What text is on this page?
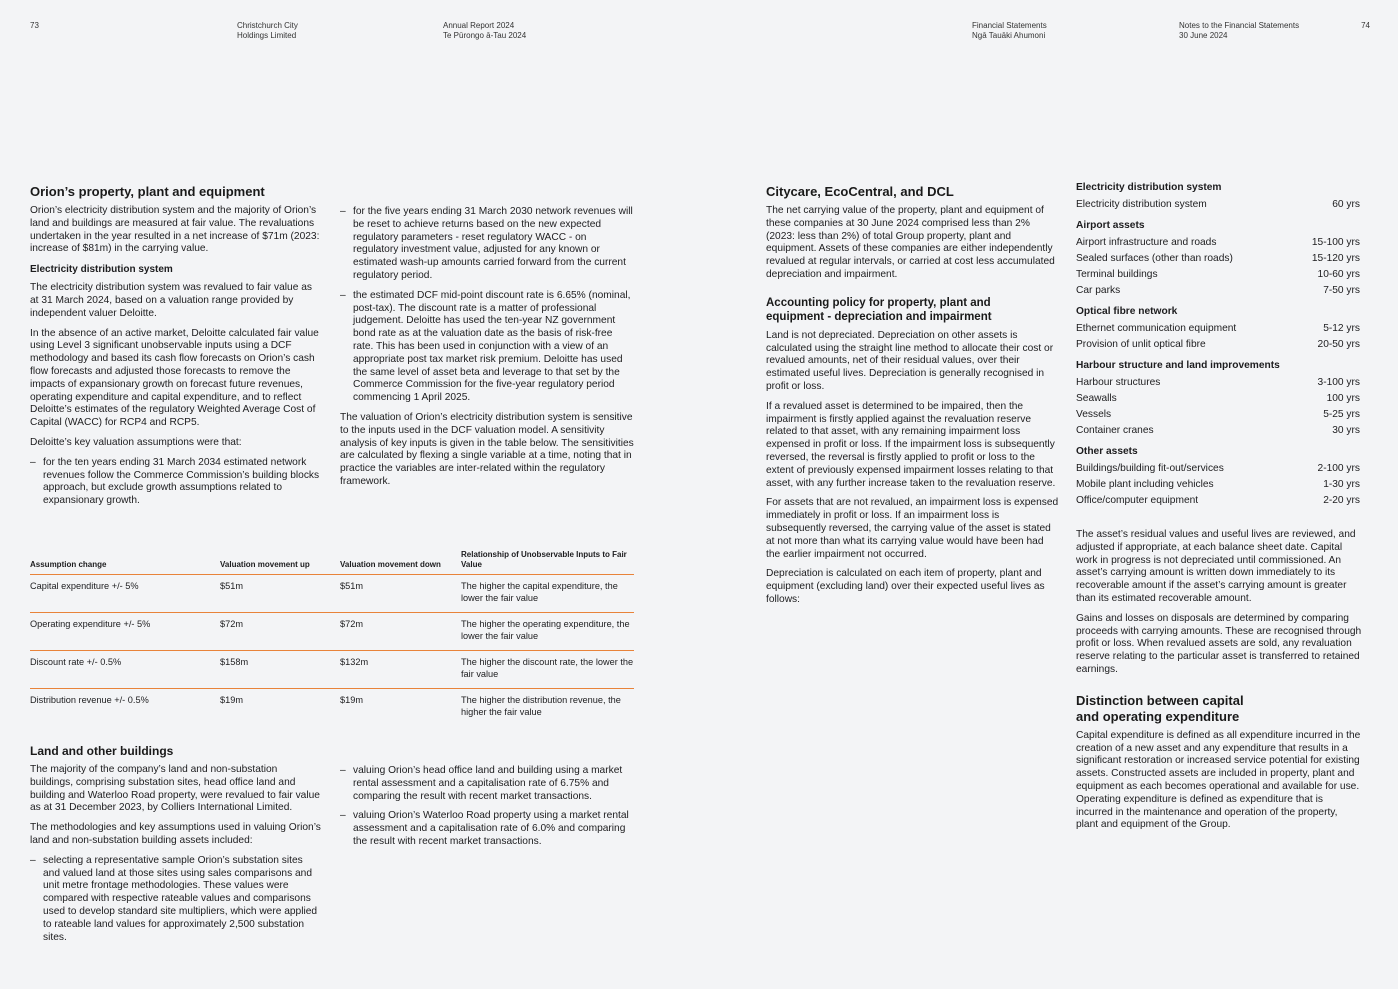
73	Christchurch City
Holdings Limited
Annual Report 2024
Te Pūrongo ā-Tau 2024
Financial Statements
Ngā Tauāki Ahumoni
Notes to the Financial Statements
30 June 2024
74
Orion’s property, plant and equipment

Orion’s electricity distribution system and the majority of Orion’s land and buildings are measured at fair value. The revaluations undertaken in the year resulted in a net increase of $71m (2023: increase of $81m) in the carrying value.

Electricity distribution system

The electricity distribution system was revalued to fair value as at 31 March 2024, based on a valuation range provided by independent valuer Deloitte.

In the absence of an active market, Deloitte calculated fair value using Level 3 significant unobservable inputs using a DCF methodology and based its cash flow forecasts on Orion’s cash flow forecasts and adjusted those forecasts to remove the impacts of expansionary growth on forecast future revenues, operating expenditure and capital expenditure, and to reflect Deloitte’s estimates of the regulatory Weighted Average Cost of Capital (WACC) for RCP4 and RCP5.

Deloitte’s key valuation assumptions were that:

– for the ten years ending 31 March 2034 estimated network revenues follow the Commerce Commission’s building blocks approach, but exclude growth assumptions related to expansionary growth.
– for the five years ending 31 March 2030 network revenues will be reset to achieve returns based on the new expected regulatory parameters - reset regulatory WACC - on regulatory investment value, adjusted for any known or estimated wash-up amounts carried forward from the current regulatory period.
– the estimated DCF mid-point discount rate is 6.65% (nominal, post-tax). The discount rate is a matter of professional judgement. Deloitte has used the ten-year NZ government bond rate as at the valuation date as the basis of risk-free rate. This has been used in conjunction with a view of an appropriate post tax market risk premium. Deloitte has used the same level of asset beta and leverage to that set by the Commerce Commission for the five-year regulatory period commencing 1 April 2025.

The valuation of Orion’s electricity distribution system is sensitive to the inputs used in the DCF valuation model. A sensitivity analysis of key inputs is given in the table below. The sensitivities are calculated by flexing a single variable at a time, noting that in practice the variables are inter-related within the regulatory framework.

Assumption change	Valuation movement up	Valuation movement down
Relationship of Unobservable Inputs to Fair Value
Capital expenditure +/- 5%	$51m	$51m	The higher the capital expenditure, the lower the fair value
Operating expenditure +/- 5%	$72m	$72m	The higher the operating expenditure, the lower the fair value
Discount rate +/- 0.5%	$158m	$132m	The higher the discount rate, the lower the fair value
Distribution revenue +/- 0.5%	$19m	$19m	The higher the distribution revenue, the higher the fair value
Land and other buildings

The majority of the company’s land and non-substation buildings, comprising substation sites, head office land and building and Waterloo Road property, were revalued to fair value as at 31 December 2023, by Colliers International Limited.

The methodologies and key assumptions used in valuing Orion’s land and non-substation building assets included:

– selecting a representative sample Orion’s substation sites and valued land at those sites using sales comparisons and unit metre frontage methodologies. These values were compared with respective rateable values and comparisons used to develop standard site multipliers, which were applied to rateable land values for approximately 2,500 substation sites.
– valuing Orion’s head office land and building using a market rental assessment and a capitalisation rate of 6.75% and comparing the result with recent market transactions.
– valuing Orion’s Waterloo Road property using a market rental assessment and a capitalisation rate of 6.0% and comparing the result with recent market transactions.
Citycare, EcoCentral, and DCL

The net carrying value of the property, plant and equipment of these companies at 30 June 2024 comprised less than 2% (2023: less than 2%) of total Group property, plant and equipment. Assets of these companies are either independently revalued at regular intervals, or carried at cost less accumulated depreciation and impairment.

Accounting policy for property, plant and
equipment - depreciation and impairment

Land is not depreciated. Depreciation on other assets is calculated using the straight line method to allocate their cost or revalued amounts, net of their residual values, over their estimated useful lives. Depreciation is generally recognised in profit or loss.

If a revalued asset is determined to be impaired, then the impairment is firstly applied against the revaluation reserve related to that asset, with any remaining impairment loss expensed in profit or loss. If the impairment loss is subsequently reversed, the reversal is firstly applied to profit or loss to the extent of previously expensed impairment losses relating to that asset, with any further increase taken to the revaluation reserve.

For assets that are not revalued, an impairment loss is expensed immediately in profit or loss. If an impairment loss is subsequently reversed, the carrying value of the asset is stated at not more than what its carrying value would have been had the earlier impairment not occurred.

Depreciation is calculated on each item of property, plant and equipment (excluding land) over their expected useful lives as follows:

Electricity distribution system
Electricity distribution system	60 yrs
Airport assets
Airport infrastructure and roads	15-100 yrs
Sealed surfaces (other than roads)	15-120 yrs
Terminal buildings	10-60 yrs
Car parks	7-50 yrs
Optical fibre network
Ethernet communication equipment	5-12 yrs
Provision of unlit optical fibre	20-50 yrs
Harbour structure and land improvements
Harbour structures	3-100 yrs
Seawalls	100 yrs
Vessels	5-25 yrs
Container cranes	30 yrs
Other assets
Buildings/building fit-out/services	2-100 yrs
Mobile plant including vehicles	1-30 yrs
Office/computer equipment	2-20 yrs

The asset’s residual values and useful lives are reviewed, and adjusted if appropriate, at each balance sheet date. Capital work in progress is not depreciated until commissioned. An asset’s carrying amount is written down immediately to its recoverable amount if the asset’s carrying amount is greater than its estimated recoverable amount.

Gains and losses on disposals are determined by comparing proceeds with carrying amounts. These are recognised through profit or loss. When revalued assets are sold, any revaluation reserve relating to the particular asset is transferred to retained earnings.

Distinction between capital
and operating expenditure

Capital expenditure is defined as all expenditure incurred in the creation of a new asset and any expenditure that results in a significant restoration or increased service potential for existing assets. Constructed assets are included in property, plant and equipment as each becomes operational and available for use. Operating expenditure is defined as expenditure that is incurred in the maintenance and operation of the property, plant and equipment of the Group.
